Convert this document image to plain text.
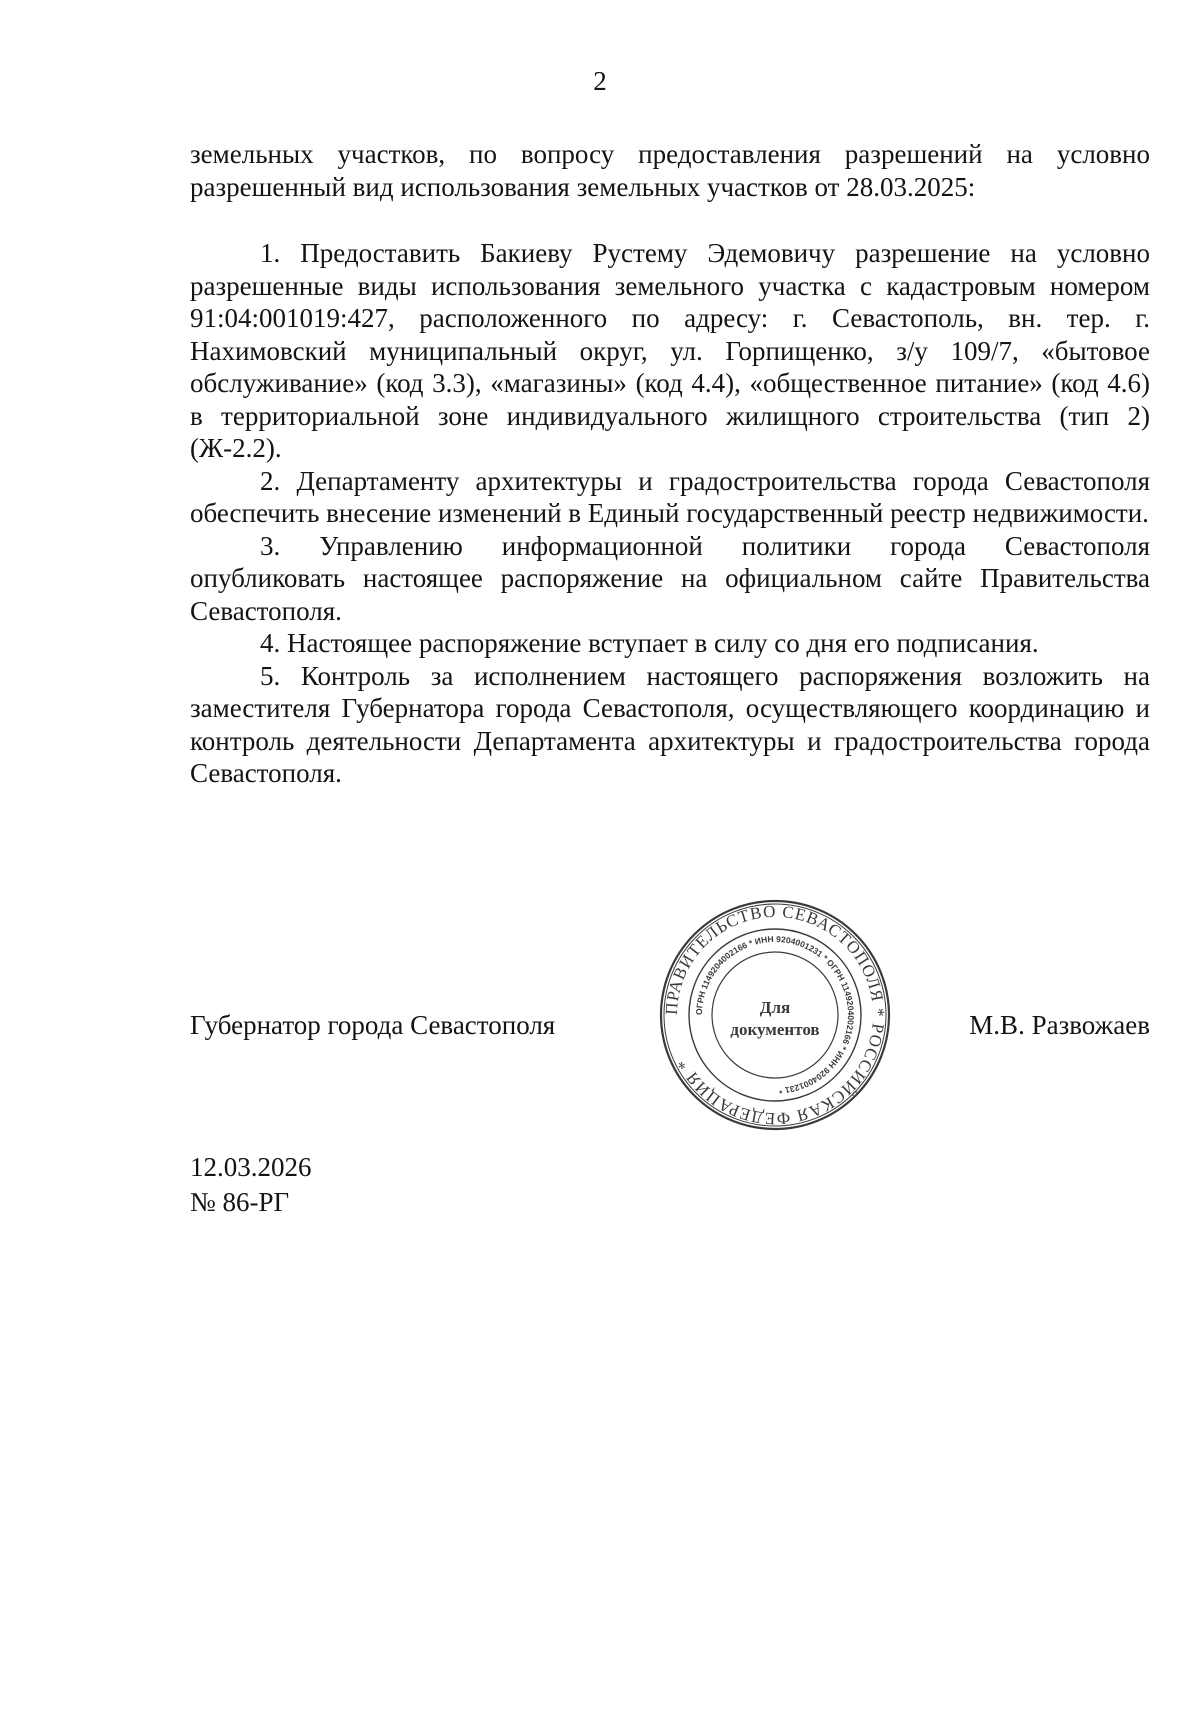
2
земельных участков, по вопросу предоставления разрешений на условно разрешенный вид использования земельных участков от 28.03.2025:

1. Предоставить Бакиеву Рустему Эдемовичу разрешение на условно разрешенные виды использования земельного участка с кадастровым номером 91:04:001019:427, расположенного по адресу: г. Севастополь, вн. тер. г. Нахимовский муниципальный округ, ул. Горпищенко, з/у 109/7, «бытовое обслуживание» (код 3.3), «магазины» (код 4.4), «общественное питание» (код 4.6) в территориальной зоне индивидуального жилищного строительства (тип 2) (Ж-2.2).

2. Департаменту архитектуры и градостроительства города Севастополя обеспечить внесение изменений в Единый государственный реестр недвижимости.

3. Управлению информационной политики города Севастополя опубликовать настоящее распоряжение на официальном сайте Правительства Севастополя.

4. Настоящее распоряжение вступает в силу со дня его подписания.

5. Контроль за исполнением настоящего распоряжения возложить на заместителя Губернатора города Севастополя, осуществляющего координацию и контроль деятельности Департамента архитектуры и градостроительства города Севастополя.

Губернатор города Севастополя	М.В. Развожаев
ПРАВИТЕЛЬСТВО СЕВАСТОПОЛЯ * РОССИЙСКАЯ ФЕДЕРАЦИЯ *
ОГРН 1149204002166 * ИНН 9204001231 * ОГРН 1149204002166 * ИНН 9204001231 *
Для
документов
12.03.2026
№ 86-РГ
